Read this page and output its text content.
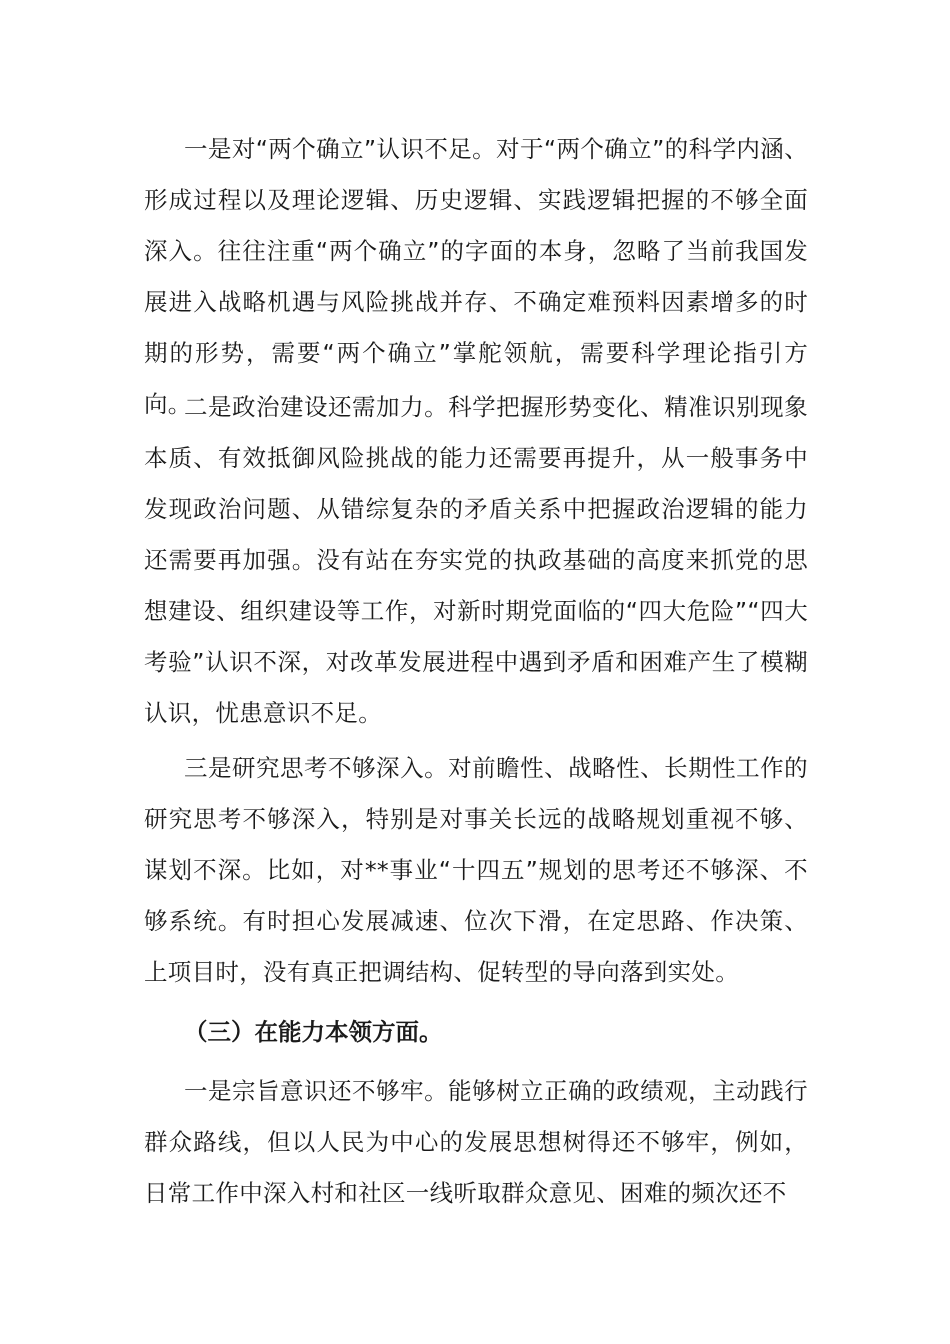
一是对“两个确立”认识不足。对于“两个确立”的科学内涵、形成过程以及理论逻辑、历史逻辑、实践逻辑把握的不够全面深入。往往注重“两个确立”的字面的本身，忽略了当前我国发展进入战略机遇与风险挑战并存、不确定难预料因素增多的时期的形势，需要“两个确立”掌舵领航，需要科学理论指引方向。

二是政治建设还需加力。科学把握形势变化、精准识别现象本质、有效抵御风险挑战的能力还需要再提升，从一般事务中发现政治问题、从错综复杂的矛盾关系中把握政治逻辑的能力还需要再加强。没有站在夯实党的执政基础的高度来抓党的思想建设、组织建设等工作，对新时期党面临的“四大危险”“四大考验”认识不深，对改革发展进程中遇到矛盾和困难产生了模糊认识，忧患意识不足。

三是研究思考不够深入。对前瞻性、战略性、长期性工作的研究思考不够深入，特别是对事关长远的战略规划重视不够、谋划不深。比如，对**事业“十四五”规划的思考还不够深、不够系统。有时担心发展减速、位次下滑，在定思路、作决策、上项目时，没有真正把调结构、促转型的导向落到实处。

（三）在能力本领方面。

一是宗旨意识还不够牢。能够树立正确的政绩观，主动践行群众路线，但以人民为中心的发展思想树得还不够牢，例如，日常工作中深入村和社区一线听取群众意见、困难的频次还不
